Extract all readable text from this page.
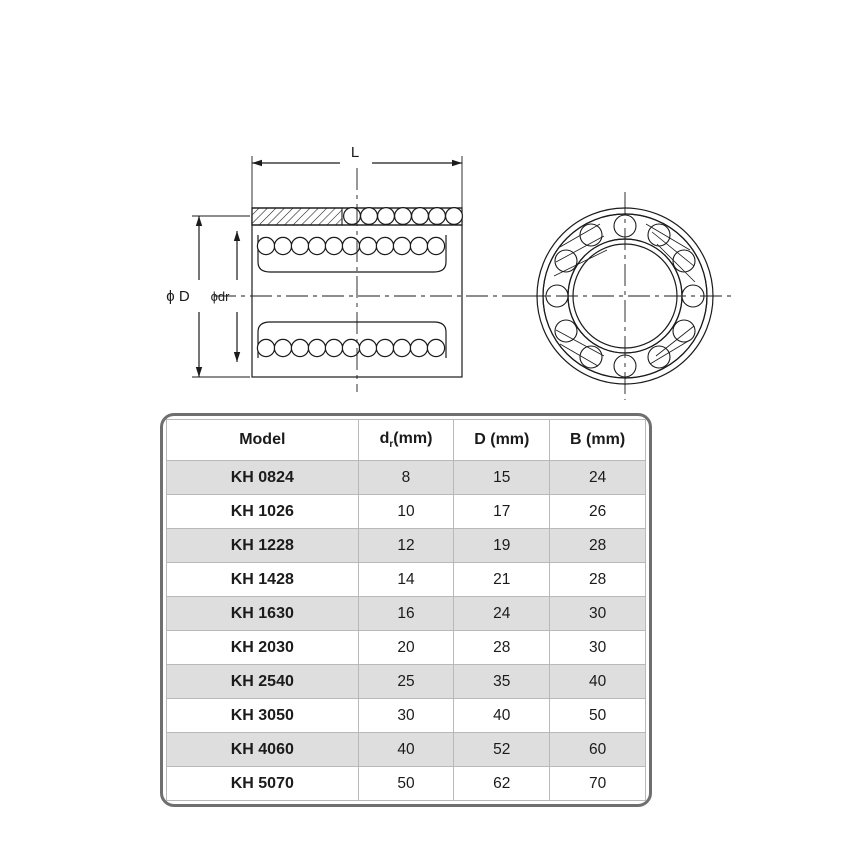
L
ϕ D ϕdr
Model	$d_r(mm)$	D (mm)	B (mm)
KH 0824	8	15	24
KH 1026	10	17	26
KH 1228	12	19	28
KH 1428	14	21	28
KH 1630	16	24	30
KH 2030	20	28	30
KH 2540	25	35	40
KH 3050	30	40	50
KH 4060	40	52	60
KH 5070	50	62	70
